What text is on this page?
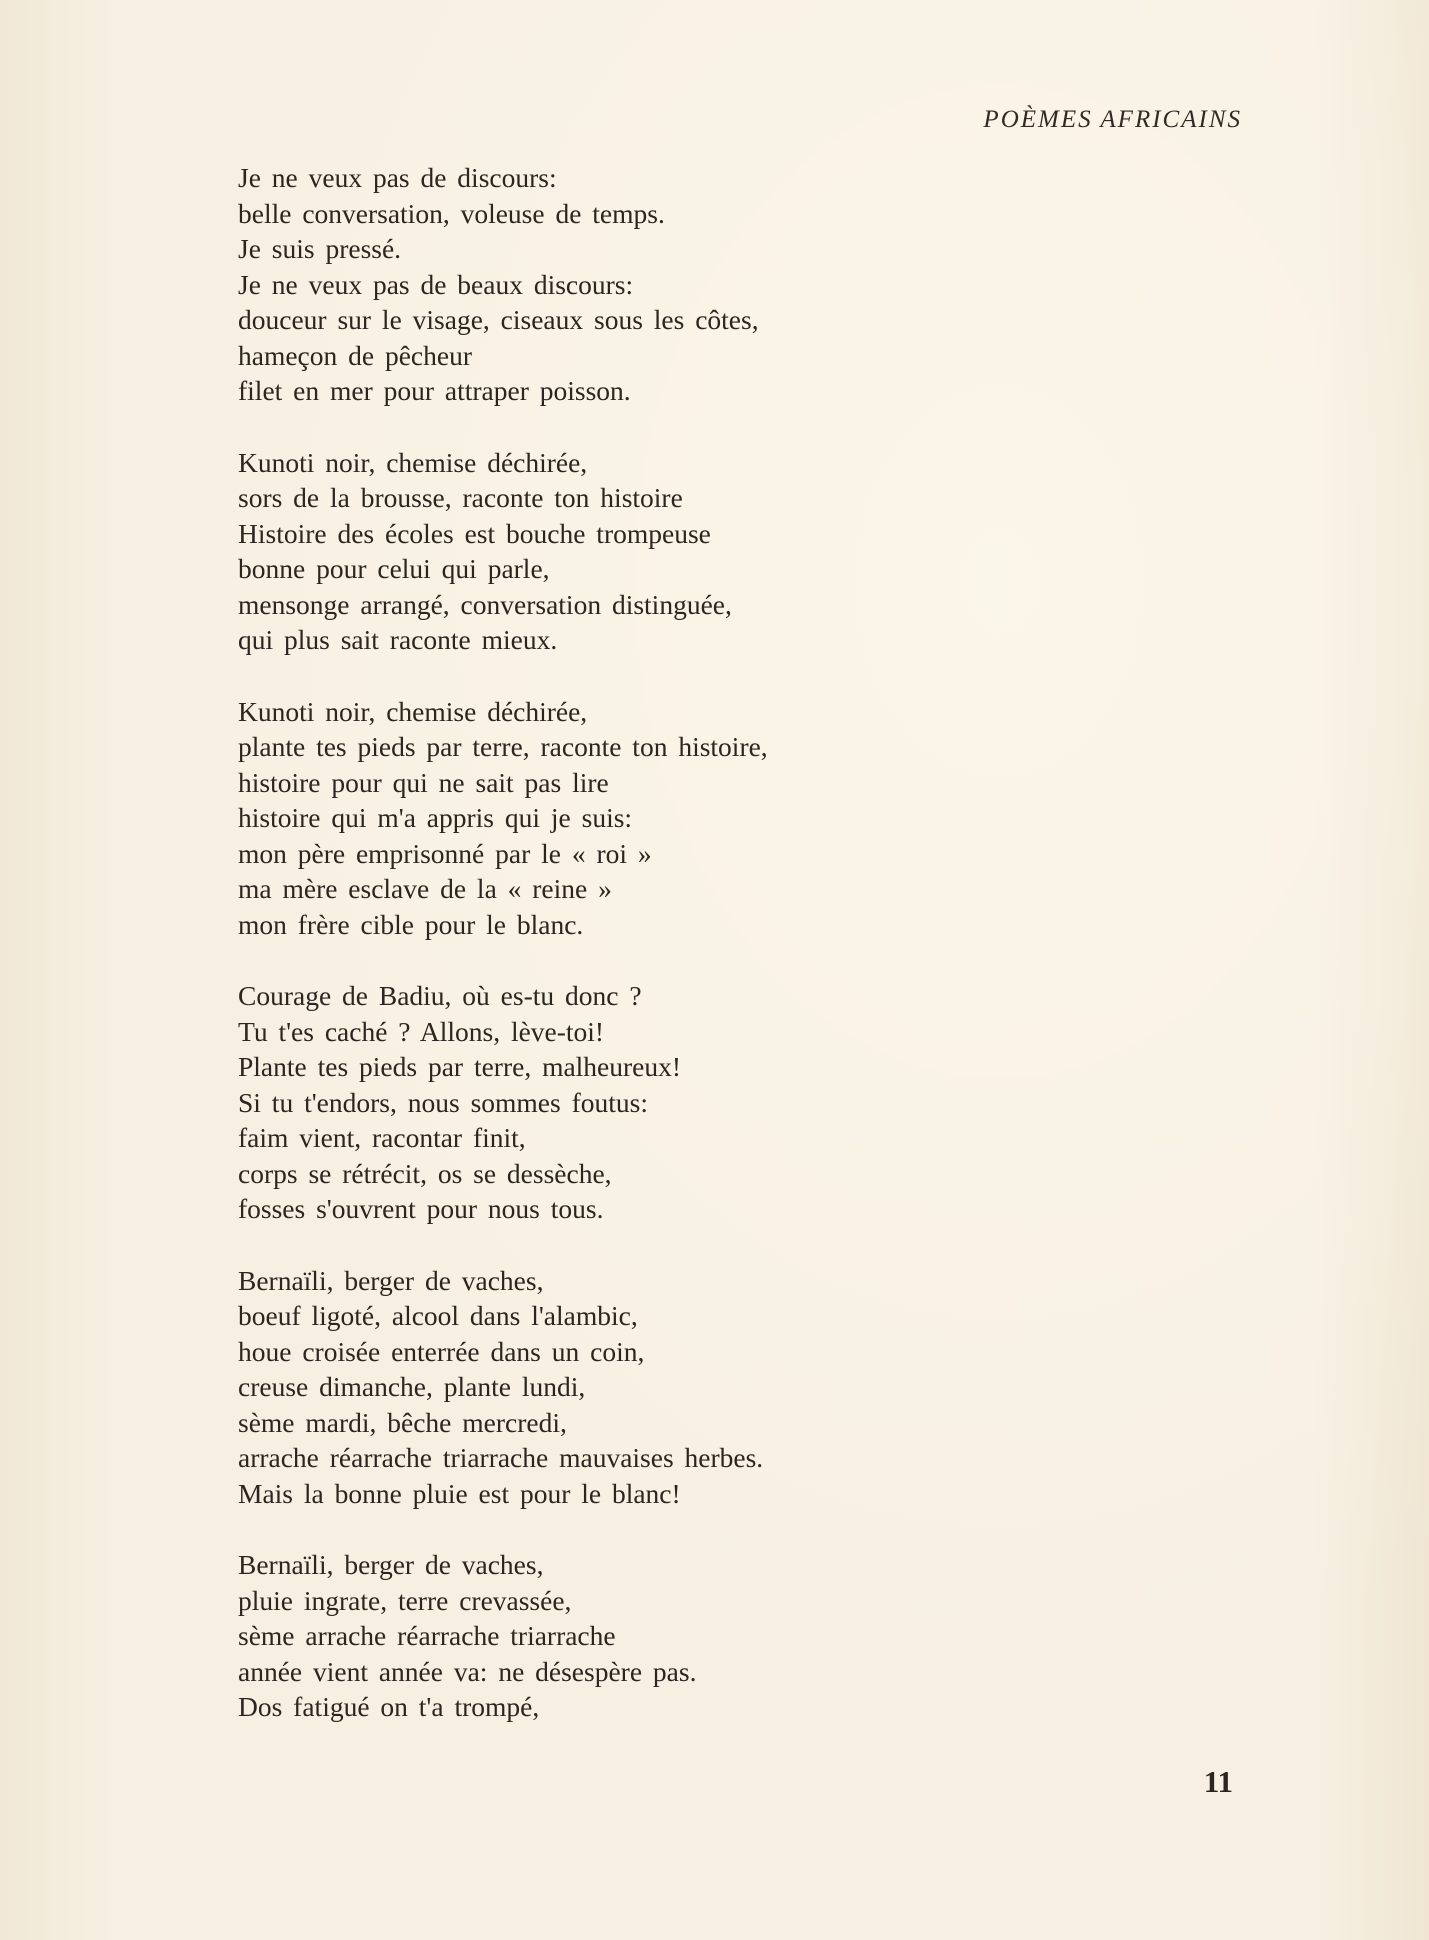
POÈMES AFRICAINS
Je ne veux pas de discours:
belle conversation, voleuse de temps.
Je suis pressé.
Je ne veux pas de beaux discours:
douceur sur le visage, ciseaux sous les côtes,
hameçon de pêcheur
filet en mer pour attraper poisson.
Kunoti noir, chemise déchirée,
sors de la brousse, raconte ton histoire
Histoire des écoles est bouche trompeuse
bonne pour celui qui parle,
mensonge arrangé, conversation distinguée,
qui plus sait raconte mieux.
Kunoti noir, chemise déchirée,
plante tes pieds par terre, raconte ton histoire,
histoire pour qui ne sait pas lire
histoire qui m'a appris qui je suis:
mon père emprisonné par le « roi »
ma mère esclave de la « reine »
mon frère cible pour le blanc.
Courage de Badiu, où es-tu donc ?
Tu t'es caché ? Allons, lève-toi!
Plante tes pieds par terre, malheureux!
Si tu t'endors, nous sommes foutus:
faim vient, racontar finit,
corps se rétrécit, os se dessèche,
fosses s'ouvrent pour nous tous.
Bernaïli, berger de vaches,
boeuf ligoté, alcool dans l'alambic,
houe croisée enterrée dans un coin,
creuse dimanche, plante lundi,
sème mardi, bêche mercredi,
arrache réarrache triarrache mauvaises herbes.
Mais la bonne pluie est pour le blanc!
Bernaïli, berger de vaches,
pluie ingrate, terre crevassée,
sème arrache réarrache triarrache
année vient année va: ne désespère pas.
Dos fatigué on t'a trompé,
11
